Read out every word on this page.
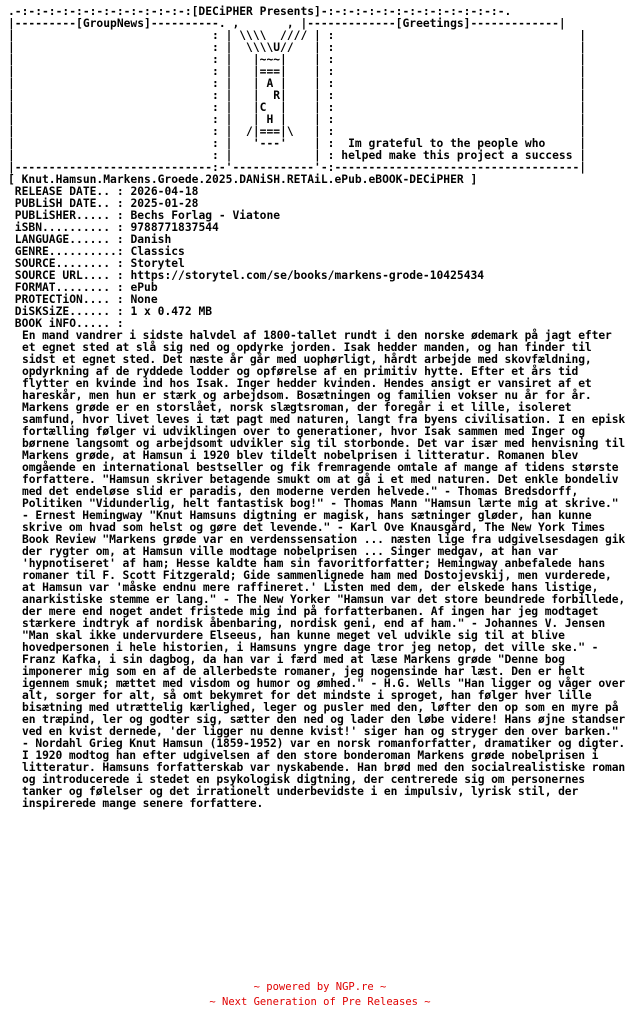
.-:-:-:-:-:-:-:-:-:-:-:-:-:[DECiPHER Presents]-:-:-:-:-:-:-:-:-:-:-:-:-:-.
|---------[GroupNews]----------. ,       , |-------------[Greetings]-------------|
|                             : | \\\\  //// | :                                    |
|                             : |  \\\\U//   | :                                    |
|                             : |   |~~~|    | :                                    |
|                             : |   |===|    | :                                    |
|                             : |   | A |    | :                                    |
|                             : |   |  R|    | :                                    |
|                             : |   |C  |    | :                                    |
|                             : |   | H |    | :                                    |
|                             : |  /|===|\   | :                                    |
|                             : |   '---'    | :  Im grateful to the people who     |
|                             : |            | : helped make this project a success |
|-----------------------------:-'------------'-:------------------------------------|
[ Knut.Hamsun.Markens.Groede.2025.DANiSH.RETAiL.ePub.eBOOK-DECiPHER ]
RELEASE DATE.. : 2026-04-18
PUBLiSH DATE.. : 2025-01-28
PUBLiSHER..... : Bechs Forlag - Viatone
iSBN.......... : 9788771837544
LANGUAGE...... : Danish
GENRE..........: Classics
SOURCE........ : Storytel
SOURCE URL.... : https://storytel.com/se/books/markens-grode-10425434
FORMAT........ : ePub
PROTECTiON.... : None
DiSKSiZE...... : 1 x 0.472 MB
BOOK iNFO..... :
En mand vandrer i sidste halvdel af 1800-tallet rundt i den norske ødemark på jagt efter et egnet sted at slå sig ned og opdyrke jorden. Isak hedder manden, og han finder til sidst et egnet sted. Det næste år går med uophørligt, hårdt arbejde med skovfældning, opdyrkning af de ryddede lodder og opførelse af en primitiv hytte. Efter et års tid flytter en kvinde ind hos Isak. Inger hedder kvinden. Hendes ansigt er vansiret af et hareskår, men hun er stærk og arbejdsom. Bosætningen og familien vokser nu år for år. Markens grøde er en storslået, norsk slægtsroman, der foregår i et lille, isoleret samfund, hvor livet leves i tæt pagt med naturen, langt fra byens civilisation. I en episk fortælling følger vi udviklingen over to generationer, hvor Isak sammen med Inger og børnene langsomt og arbejdsomt udvikler sig til storbonde. Det var især med henvisning til Markens grøde, at Hamsun i 1920 blev tildelt nobelprisen i litteratur. Romanen blev omgående en international bestseller og fik fremragende omtale af mange af tidens største forfattere. "Hamsun skriver betagende smukt om at gå i et med naturen. Det enkle bondeliv med det endeløse slid er paradis, den moderne verden helvede." - Thomas Bredsdorff, Politiken "Vidunderlig, helt fantastisk bog!" - Thomas Mann "Hamsun lærte mig at skrive." - Ernest Hemingway "Knut Hamsuns digtning er magisk, hans sætninger gløder, han kunne skrive om hvad som helst og gøre det levende." - Karl Ove Knausgård, The New York Times Book Review "Markens grøde var en verdenssensation ... næsten lige fra udgivelsesdagen gik der rygter om, at Hamsun ville modtage nobelprisen ... Singer medgav, at han var 'hypnotiseret' af ham; Hesse kaldte ham sin favoritforfatter; Hemingway anbefalede hans romaner til F. Scott Fitzgerald; Gide sammenlignede ham med Dostojevskij, men vurderede, at Hamsun var 'måske endnu mere raffineret.' Listen med dem, der elskede hans listige, anarkistiske stemme er lang." - The New Yorker "Hamsun var det store beundrede forbillede, der mere end noget andet fristede mig ind på forfatterbanen. Af ingen har jeg modtaget stærkere indtryk af nordisk åbenbaring, nordisk geni, end af ham." - Johannes V. Jensen "Man skal ikke undervurdere Elseeus, han kunne meget vel udvikle sig til at blive hovedpersonen i hele historien, i Hamsuns yngre dage tror jeg netop, det ville ske." - Franz Kafka, i sin dagbog, da han var i færd med at læse Markens grøde "Denne bog imponerer mig som en af de allerbedste romaner, jeg nogensinde har læst. Den er helt igennem smuk; mættet med visdom og humor og ømhed." - H.G. Wells "Han ligger og våger over alt, sorger for alt, så omt bekymret for det mindste i sproget, han følger hver lille bisætning med utrættelig kærlighed, leger og pusler med den, løfter den op som en myre på en træpind, ler og godter sig, sætter den ned og lader den løbe videre! Hans øjne standser ved en kvist dernede, 'der ligger nu denne kvist!' siger han og stryger den over barken." - Nordahl Grieg Knut Hamsun (1859-1952) var en norsk romanforfatter, dramatiker og digter. I 1920 modtog han efter udgivelsen af den store bonderoman Markens grøde nobelprisen i litteratur. Hamsuns forfatterskab var nyskabende. Han brød med den socialrealistiske roman og introducerede i stedet en psykologisk digtning, der centrerede sig om personernes tanker og følelser og det irrationelt underbevidste i en impulsiv, lyrisk stil, der inspirerede mange senere forfattere.
~ powered by NGP.re ~
~ Next Generation of Pre Releases ~
